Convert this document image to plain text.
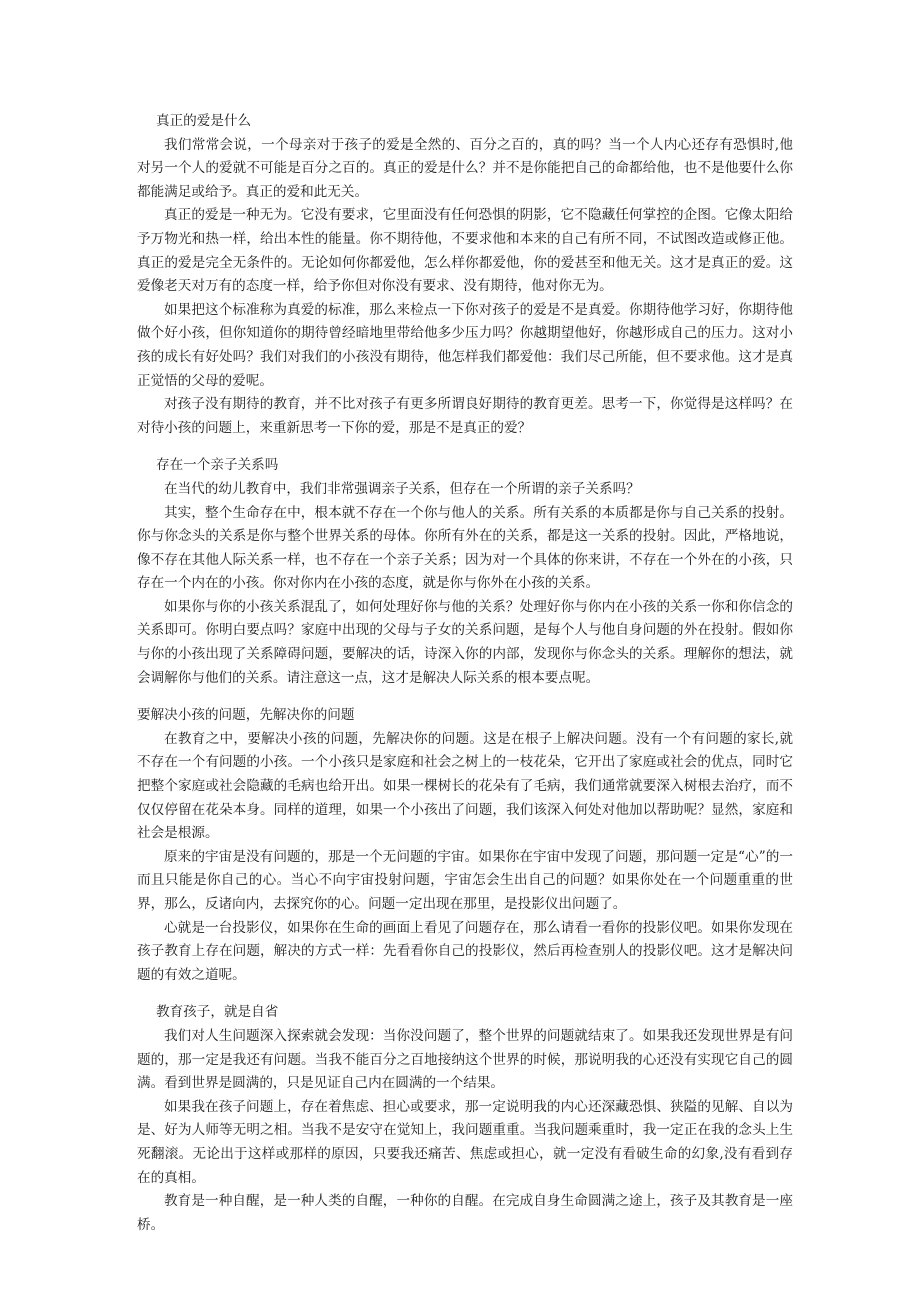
真正的爱是什么

我们常常会说，一个母亲对于孩子的爱是全然的、百分之百的，真的吗？当一个人内心还存有恐惧时,他对另一个人的爱就不可能是百分之百的。真正的爱是什么？并不是你能把自己的命都给他，也不是他要什么你都能满足或给予。真正的爱和此无关。

真正的爱是一种无为。它没有要求，它里面没有任何恐惧的阴影，它不隐藏任何掌控的企图。它像太阳给予万物光和热一样，给出本性的能量。你不期待他，不要求他和本来的自己有所不同，不试图改造或修正他。真正的爱是完全无条件的。无论如何你都爱他，怎么样你都爱他，你的爱甚至和他无关。这才是真正的爱。这爱像老天对万有的态度一样，给予你但对你没有要求、没有期待，他对你无为。

如果把这个标准称为真爱的标准，那么来检点一下你对孩子的爱是不是真爱。你期待他学习好，你期待他做个好小孩，但你知道你的期待曾经暗地里带给他多少压力吗？你越期望他好，你越形成自己的压力。这对小孩的成长有好处吗？我们对我们的小孩没有期待，他怎样我们都爱他：我们尽己所能，但不要求他。这才是真正觉悟的父母的爱呢。

对孩子没有期待的教育，并不比对孩子有更多所谓良好期待的教育更差。思考一下，你觉得是这样吗？在对待小孩的问题上，来重新思考一下你的爱，那是不是真正的爱？

存在一个亲子关系吗

在当代的幼儿教育中，我们非常强调亲子关系，但存在一个所谓的亲子关系吗？

其实，整个生命存在中，根本就不存在一个你与他人的关系。所有关系的本质都是你与自己关系的投射。你与你念头的关系是你与整个世界关系的母体。你所有外在的关系，都是这一关系的投射。因此，严格地说，像不存在其他人际关系一样，也不存在一个亲子关系；因为对一个具体的你来讲，不存在一个外在的小孩，只存在一个内在的小孩。你对你内在小孩的态度，就是你与你外在小孩的关系。

如果你与你的小孩关系混乱了，如何处理好你与他的关系？处理好你与你内在小孩的关系一你和你信念的关系即可。你明白要点吗？家庭中出现的父母与子女的关系问题，是每个人与他自身问题的外在投射。假如你与你的小孩出现了关系障碍问题，要解决的话，诗深入你的内部，发现你与你念头的关系。理解你的想法，就会调解你与他们的关系。请注意这一点，这才是解决人际关系的根本要点呢。

要解决小孩的问题，先解决你的问题

在教育之中，要解决小孩的问题，先解决你的问题。这是在根子上解决问题。没有一个有问题的家长,就不存在一个有问题的小孩。一个小孩只是家庭和社会之树上的一枝花朵，它开出了家庭或社会的优点，同时它把整个家庭或社会隐藏的毛病也给开出。如果一棵树长的花朵有了毛病，我们通常就要深入树根去治疗，而不仅仅停留在花朵本身。同样的道理，如果一个小孩出了问题，我们该深入何处对他加以帮助呢？显然，家庭和社会是根源。

原来的宇宙是没有问题的，那是一个无问题的宇宙。如果你在宇宙中发现了问题，那问题一定是“心”的一而且只能是你自己的心。当心不向宇宙投射问题，宇宙怎会生出自己的问题？如果你处在一个问题重重的世界，那么，反诸向内，去探究你的心。问题一定出现在那里，是投影仪出问题了。

心就是一台投影仪，如果你在生命的画面上看见了问题存在，那么请看一看你的投影仪吧。如果你发现在孩子教育上存在问题，解决的方式一样：先看看你自己的投影仪，然后再检查别人的投影仪吧。这才是解决问题的有效之道呢。

教育孩子，就是自省

我们对人生问题深入探索就会发现：当你没问题了，整个世界的问题就结束了。如果我还发现世界是有问题的，那一定是我还有问题。当我不能百分之百地接纳这个世界的时候，那说明我的心还没有实现它自己的圆满。看到世界是圆满的，只是见证自己内在圆满的一个结果。

如果我在孩子问题上，存在着焦虑、担心或要求，那一定说明我的内心还深藏恐惧、狭隘的见解、自以为是、好为人师等无明之相。当我不是安守在觉知上，我问题重重。当我问题乘重时，我一定正在我的念头上生死翻滚。无论出于这样或那样的原因，只要我还痛苦、焦虑或担心，就一定没有看破生命的幻象,没有看到存在的真相。

教育是一种自醒，是一种人类的自醒，一种你的自醒。在完成自身生命圆满之途上，孩子及其教育是一座桥。
